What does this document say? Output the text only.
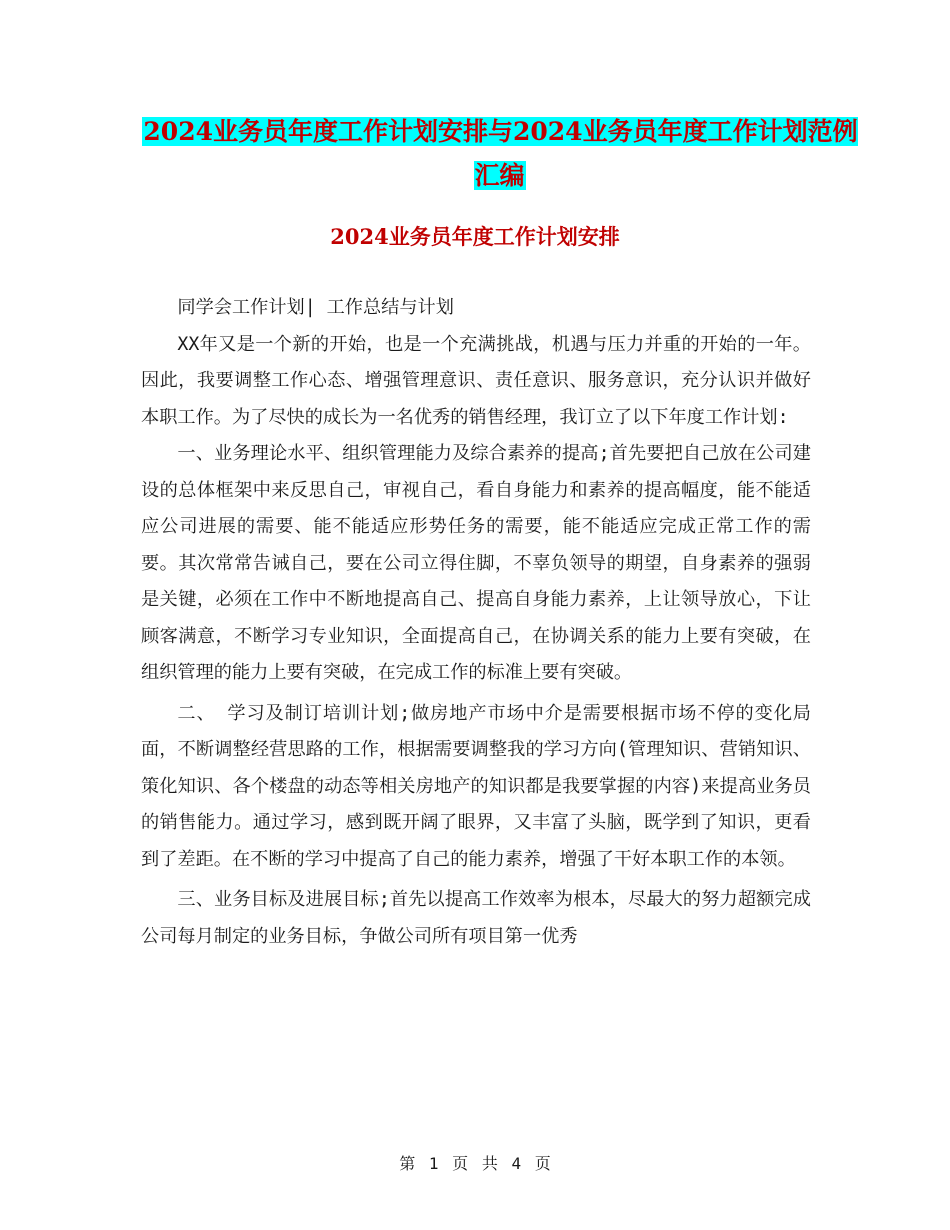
2024业务员年度工作计划安排与2024业务员年度工作计划范例汇编
2024业务员年度工作计划安排

同学会工作计划| 工作总结与计划

XX年又是一个新的开始，也是一个充满挑战，机遇与压力并重的开始的一年。因此，我要调整工作心态、增强管理意识、责任意识、服务意识，充分认识并做好本职工作。为了尽快的成长为一名优秀的销售经理，我订立了以下年度工作计划:

一、业务理论水平、组织管理能力及综合素养的提高;首先要把自己放在公司建设的总体框架中来反思自己，审视自己，看自身能力和素养的提高幅度，能不能适应公司进展的需要、能不能适应形势任务的需要，能不能适应完成正常工作的需要。其次常常告诫自己，要在公司立得住脚，不辜负领导的期望，自身素养的强弱是关键，必须在工作中不断地提高自己、提高自身能力素养，上让领导放心，下让顾客满意，不断学习专业知识，全面提高自己，在协调关系的能力上要有突破，在组织管理的能力上要有突破，在完成工作的标准上要有突破。

二、 学习及制订培训计划;做房地产市场中介是需要根据市场不停的变化局面，不断调整经营思路的工作，根据需要调整我的学习方向(管理知识、营销知识、策化知识、各个楼盘的动态等相关房地产的知识都是我要掌握的内容)来提高业务员的销售能力。通过学习，感到既开阔了眼界，又丰富了头脑，既学到了知识，更看到了差距。在不断的学习中提高了自己的能力素养，增强了干好本职工作的本领。

三、业务目标及进展目标;首先以提高工作效率为根本，尽最大的努力超额完成公司每月制定的业务目标，争做公司所有项目第一优秀

第 1 页 共 4 页
